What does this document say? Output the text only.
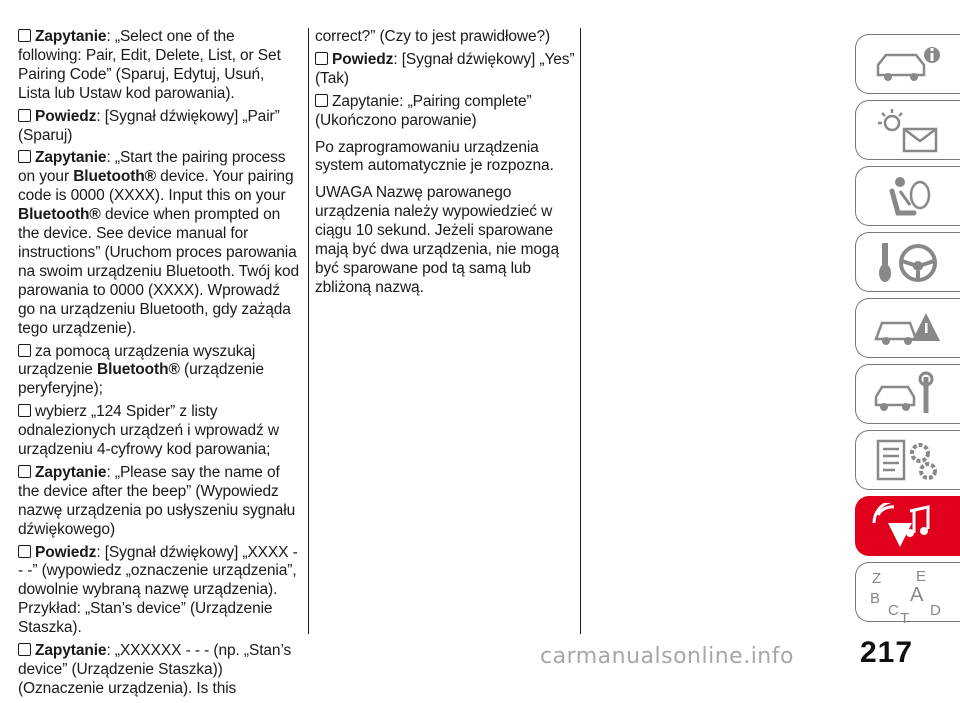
Zapytanie: „Select one of the following: Pair, Edit, Delete, List, or Set Pairing Code” (Sparuj, Edytuj, Usuń, Lista lub Ustaw kod parowania).

Powiedz: [Sygnał dźwiękowy] „Pair” (Sparuj)

Zapytanie: „Start the pairing process on your Bluetooth® device. Your pairing code is 0000 (XXXX). Input this on your Bluetooth® device when prompted on the device. See device manual for instructions” (Uruchom proces parowania na swoim urządzeniu Bluetooth. Twój kod parowania to 0000 (XXXX). Wprowadź go na urządzeniu Bluetooth, gdy zażąda tego urządzenie).

za pomocą urządzenia wyszukaj urządzenie Bluetooth® (urządzenie peryferyjne);

wybierz „124 Spider” z listy odnalezionych urządzeń i wprowadź w urządzeniu 4-cyfrowy kod parowania;

Zapytanie: „Please say the name of the device after the beep” (Wypowiedz nazwę urządzenia po usłyszeniu sygnału dźwiękowego)

Powiedz: [Sygnał dźwiękowy] „XXXX - - -” (wypowiedz „oznaczenie urządzenia”, dowolnie wybraną nazwę urządzenia). Przykład: „Stan’s device” (Urządzenie Staszka).

Zapytanie: „XXXXXX - - - (np. „Stan’s device” (Urządzenie Staszka)) (Oznaczenie urządzenia). Is this

correct?” (Czy to jest prawidłowe?)

Powiedz: [Sygnał dźwiękowy] „Yes” (Tak)

Zapytanie: „Pairing complete” (Ukończono parowanie)

Po zaprogramowaniu urządzenia system automatycznie je rozpozna.

UWAGA Nazwę parowanego urządzenia należy wypowiedzieć w ciągu 10 sekund. Jeżeli sparowane mają być dwa urządzenia, nie mogą być sparowane pod tą samą lub zbliżoną nazwą.

Z E
B A
C D
T
carmanualsonline.info 217
